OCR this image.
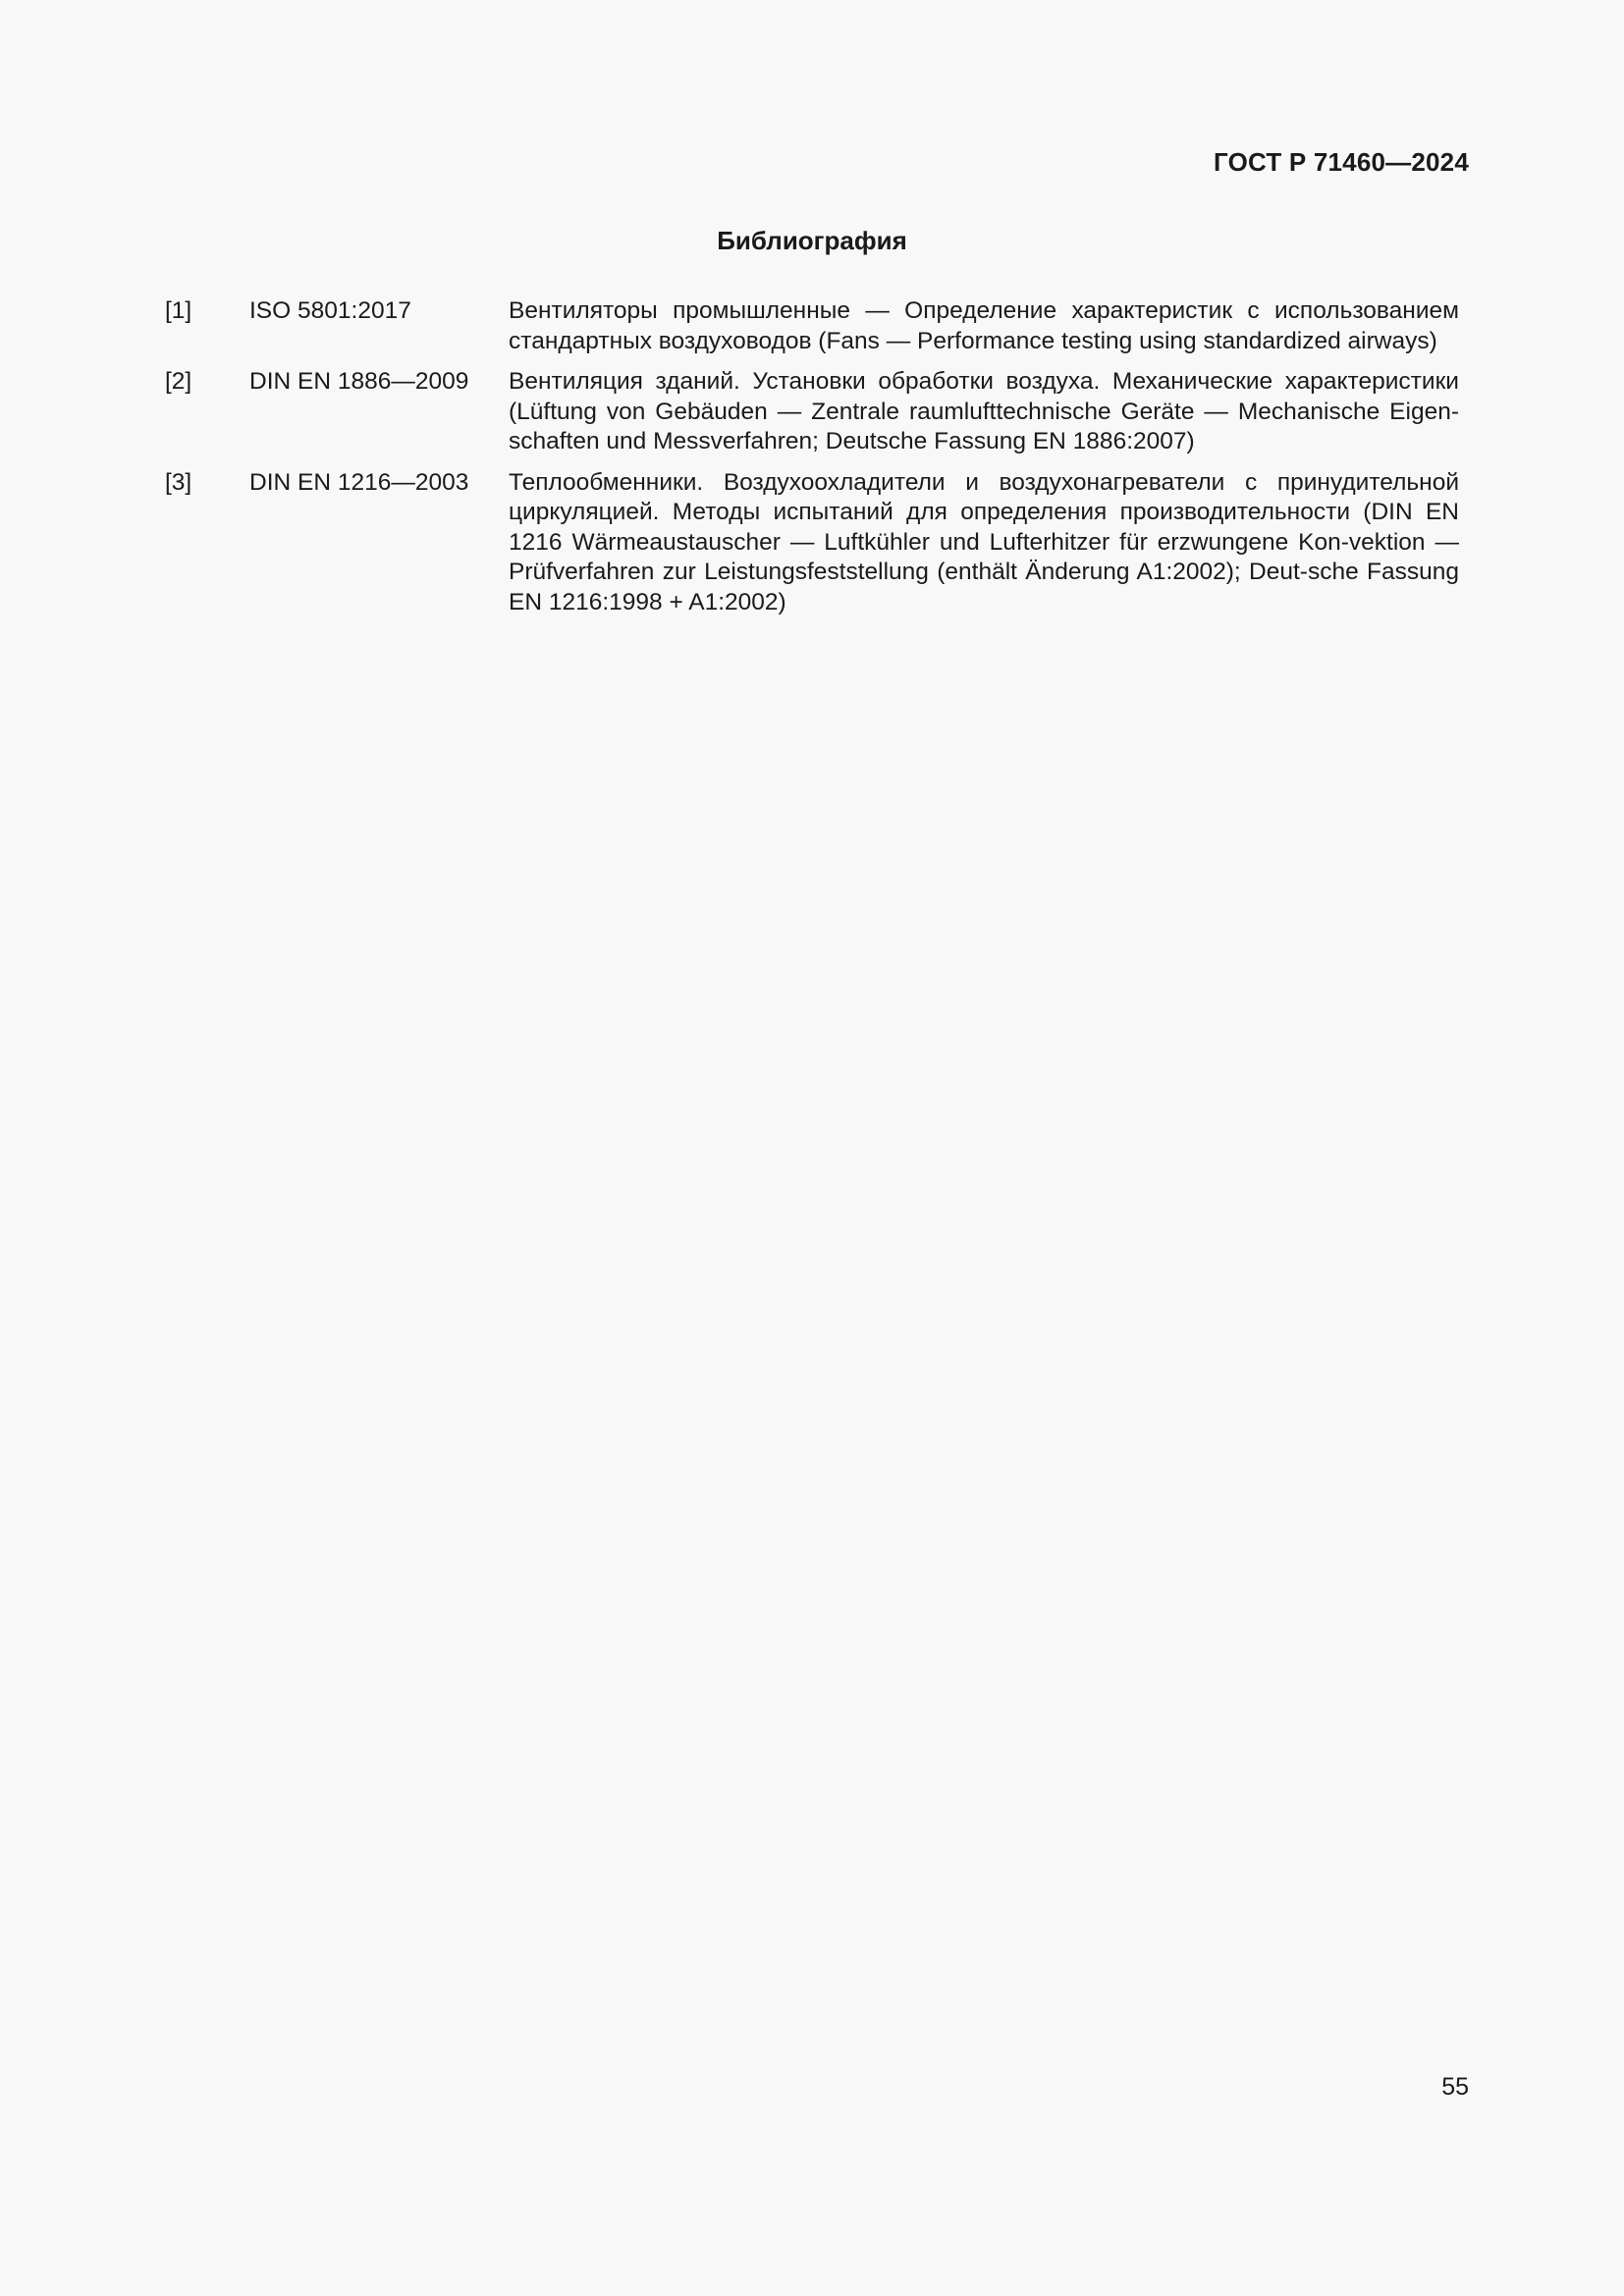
ГОСТ Р 71460—2024
Библиография
[1]	ISO 5801:2017	Вентиляторы промышленные — Определение характеристик с использованием стандартных воздуховодов (Fans — Performance testing using standardized airways)
[2]	DIN EN 1886—2009	Вентиляция зданий. Установки обработки воздуха. Механические характеристики (Lüftung von Gebäuden — Zentrale raumlufttechnische Geräte — Mechanische Eigen-schaften und Messverfahren; Deutsche Fassung EN 1886:2007)
[3]	DIN EN 1216—2003	Теплообменники. Воздухоохладители и воздухонагреватели с принудительной циркуляцией. Методы испытаний для определения производительности (DIN EN 1216 Wärmeaustauscher — Luftkühler und Lufterhitzer für erzwungene Kon-vektion — Prüfverfahren zur Leistungsfeststellung (enthält Änderung A1:2002); Deut-sche Fassung EN 1216:1998 + A1:2002)
55
